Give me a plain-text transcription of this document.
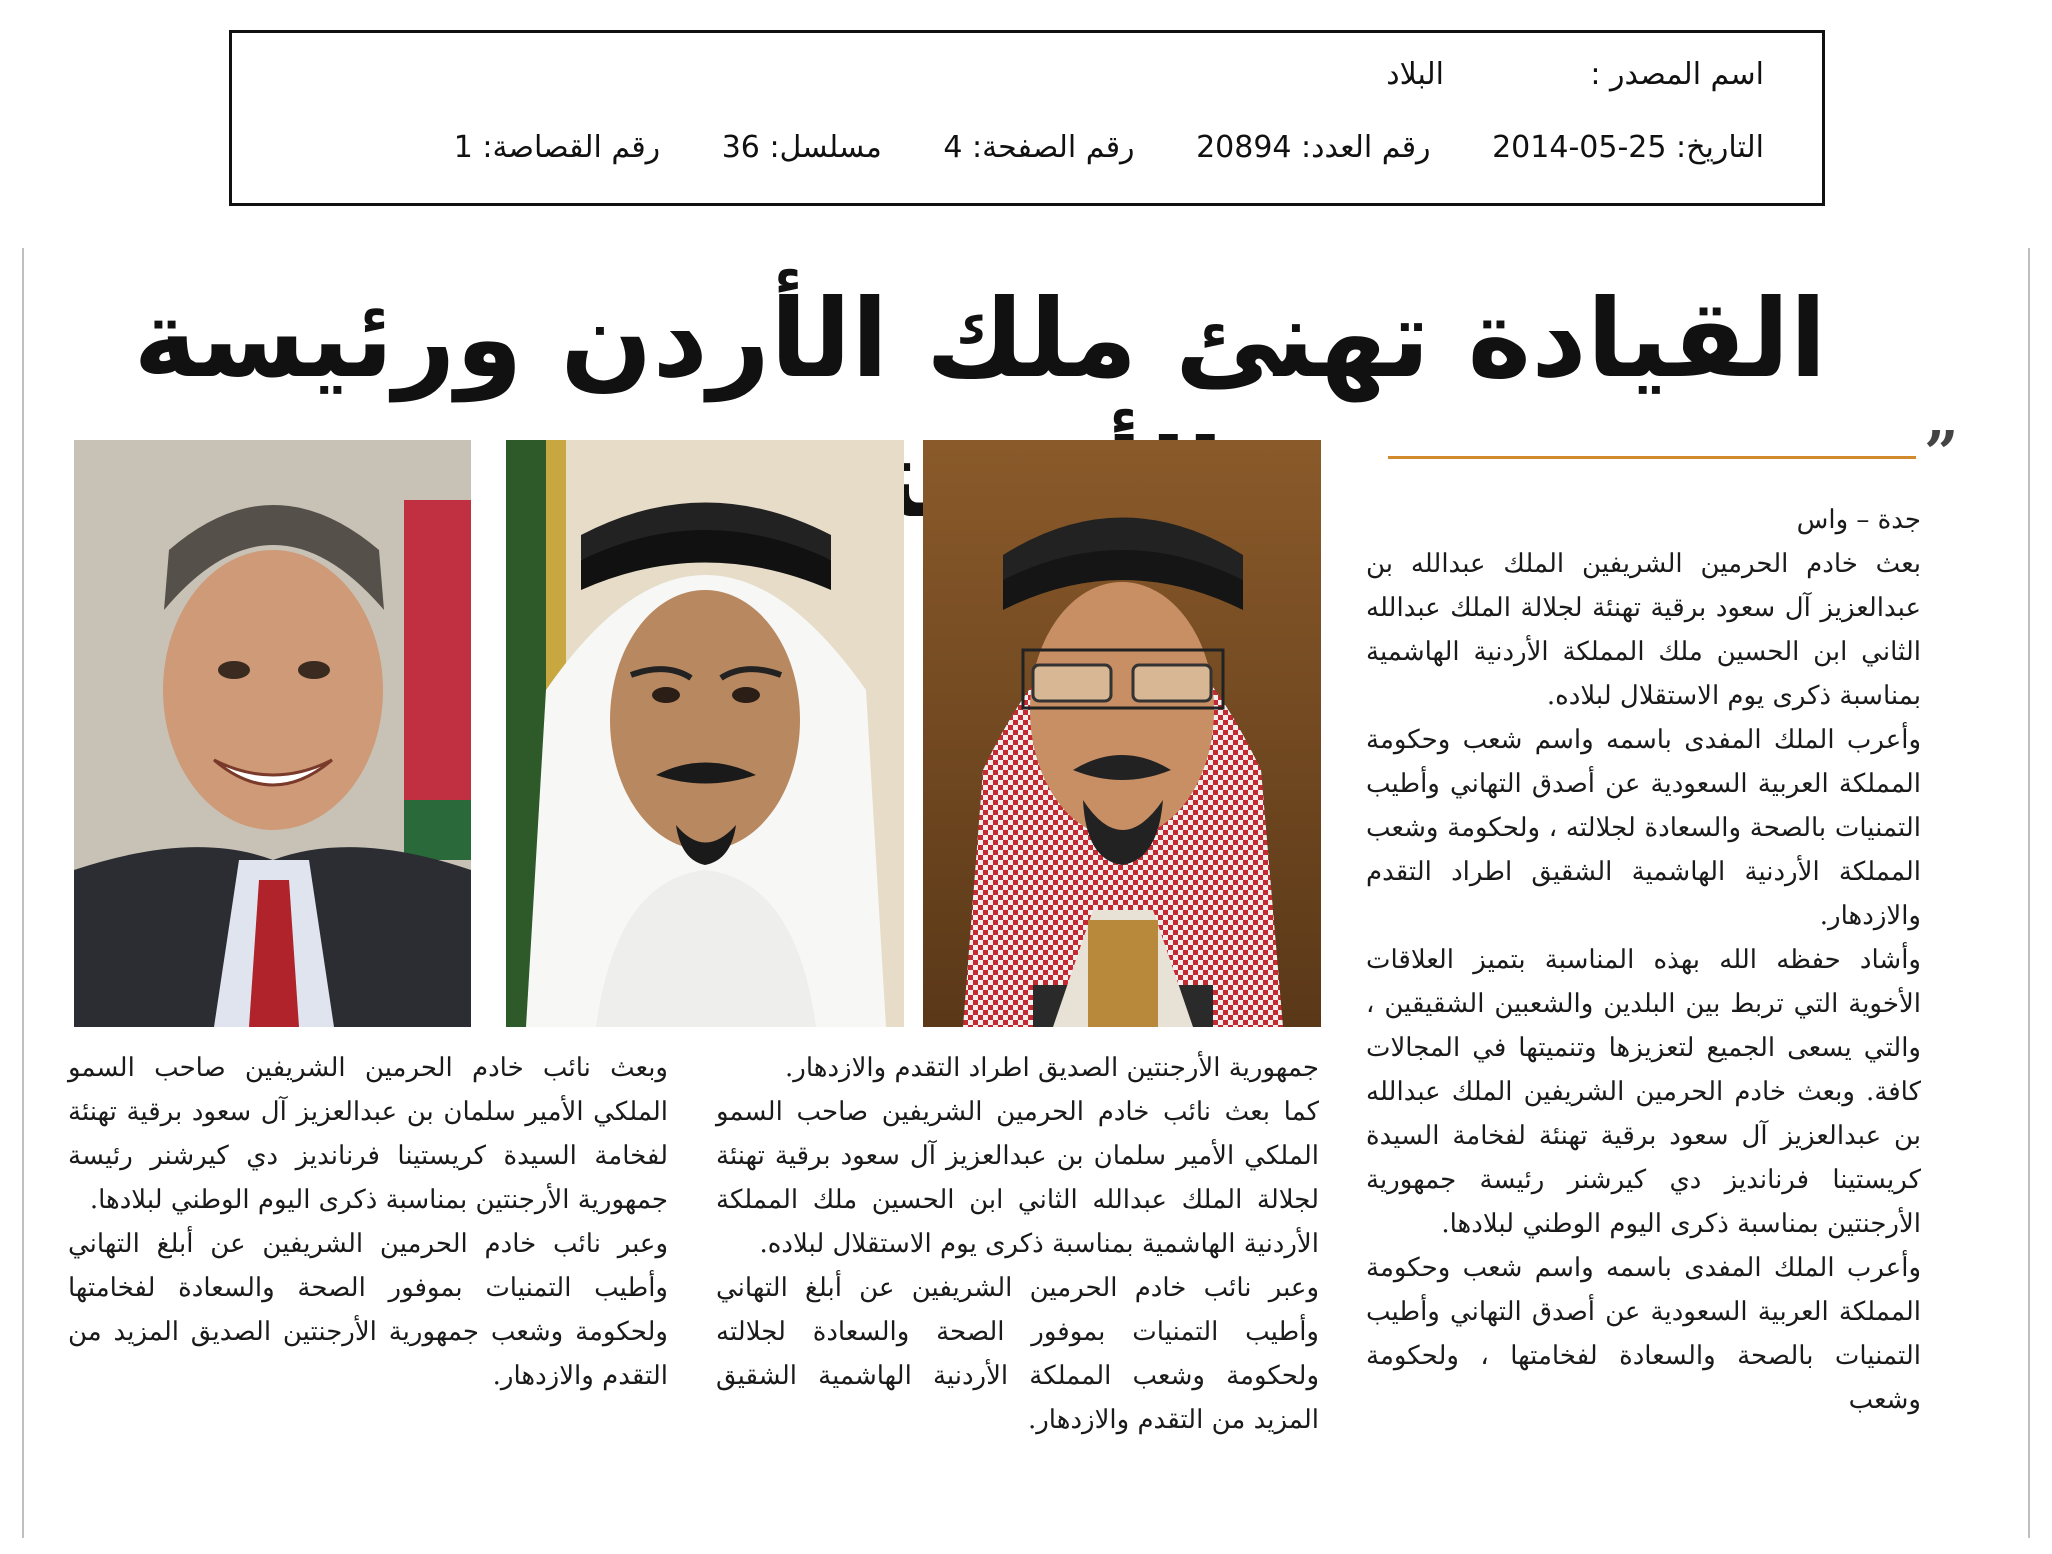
اسم المصدر :البلاد
التاريخ: 25-05-2014 رقم العدد: 20894 رقم الصفحة: 4 مسلسل: 36 رقم القصاصة: 1
القيادة تهنئ ملك الأردن ورئيسة
”

جدة – واس

بعث خادم الحرمين الشريفين الملك عبدالله بن عبدالعزيز آل سعود برقية تهنئة لجلالة الملك عبدالله الثاني ابن الحسين ملك المملكة الأردنية الهاشمية بمناسبة ذكرى يوم الاستقلال لبلاده.

وأعرب الملك المفدى باسمه واسم شعب وحكومة المملكة العربية السعودية عن أصدق التهاني وأطيب التمنيات بالصحة والسعادة لجلالته ، ولحكومة وشعب المملكة الأردنية الهاشمية الشقيق اطراد التقدم والازدهار.

وأشاد حفظه الله بهذه المناسبة بتميز العلاقات الأخوية التي تربط بين البلدين والشعبين الشقيقين ، والتي يسعى الجميع لتعزيزها وتنميتها في المجالات كافة. وبعث خادم الحرمين الشريفين الملك عبدالله بن عبدالعزيز آل سعود برقية تهنئة لفخامة السيدة كريستينا فرنانديز دي كيرشنر رئيسة جمهورية الأرجنتين بمناسبة ذكرى اليوم الوطني لبلادها.

وأعرب الملك المفدى باسمه واسم شعب وحكومة المملكة العربية السعودية عن أصدق التهاني وأطيب التمنيات بالصحة والسعادة لفخامتها ، ولحكومة وشعب

جمهورية الأرجنتين الصديق اطراد التقدم والازدهار.

كما بعث نائب خادم الحرمين الشريفين صاحب السمو الملكي الأمير سلمان بن عبدالعزيز آل سعود برقية تهنئة لجلالة الملك عبدالله الثاني ابن الحسين ملك المملكة الأردنية الهاشمية بمناسبة ذكرى يوم الاستقلال لبلاده.

وعبر نائب خادم الحرمين الشريفين عن أبلغ التهاني وأطيب التمنيات بموفور الصحة والسعادة لجلالته ولحكومة وشعب المملكة الأردنية الهاشمية الشقيق المزيد من التقدم والازدهار.

وبعث نائب خادم الحرمين الشريفين صاحب السمو الملكي الأمير سلمان بن عبدالعزيز آل سعود برقية تهنئة لفخامة السيدة كريستينا فرنانديز دي كيرشنر رئيسة جمهورية الأرجنتين بمناسبة ذكرى اليوم الوطني لبلادها.

وعبر نائب خادم الحرمين الشريفين عن أبلغ التهاني وأطيب التمنيات بموفور الصحة والسعادة لفخامتها ولحكومة وشعب جمهورية الأرجنتين الصديق المزيد من التقدم والازدهار.
